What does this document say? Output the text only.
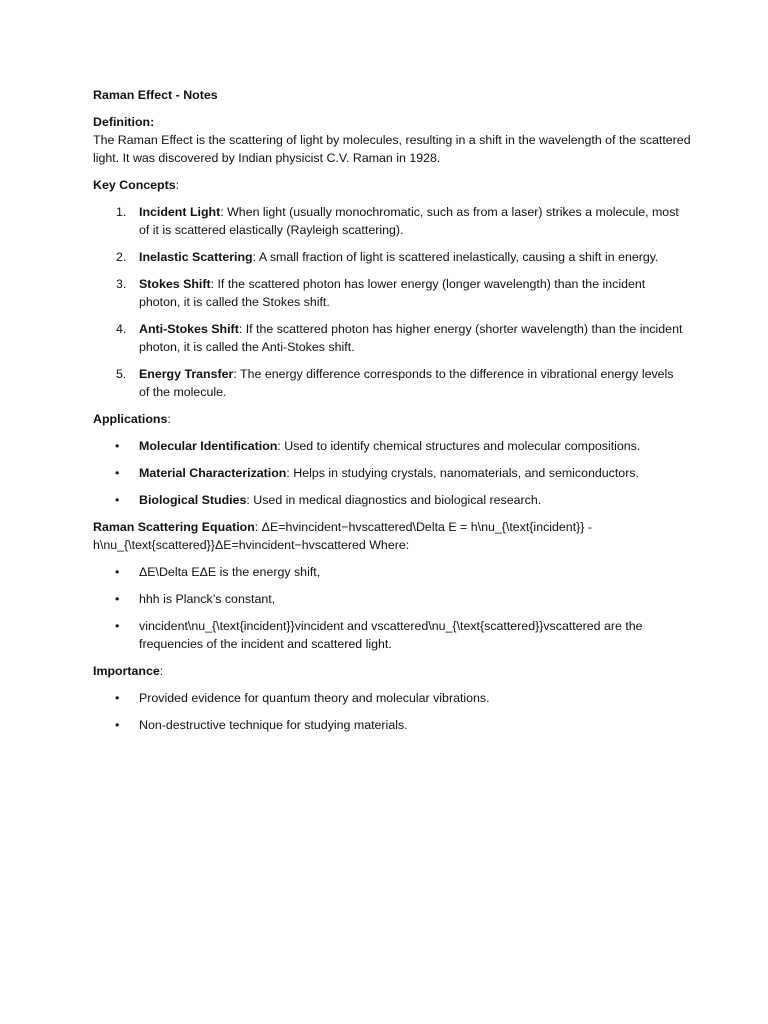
Raman Effect - Notes

Definition:
The Raman Effect is the scattering of light by molecules, resulting in a shift in the wavelength of the scattered light. It was discovered by Indian physicist C.V. Raman in 1928.

Key Concepts:

1. Incident Light: When light (usually monochromatic, such as from a laser) strikes a molecule, most of it is scattered elastically (Rayleigh scattering).
2. Inelastic Scattering: A small fraction of light is scattered inelastically, causing a shift in energy.
3. Stokes Shift: If the scattered photon has lower energy (longer wavelength) than the incident photon, it is called the Stokes shift.
4. Anti-Stokes Shift: If the scattered photon has higher energy (shorter wavelength) than the incident photon, it is called the Anti-Stokes shift.
5. Energy Transfer: The energy difference corresponds to the difference in vibrational energy levels of the molecule.

Applications:

• Molecular Identification: Used to identify chemical structures and molecular compositions.
• Material Characterization: Helps in studying crystals, nanomaterials, and semiconductors.
• Biological Studies: Used in medical diagnostics and biological research.

Raman Scattering Equation: ΔE=hvincident−hvscattered\Delta E = h\nu_{\text{incident}} - h\nu_{\text{scattered}}ΔE=hvincident−hvscattered Where:

• ΔE\Delta EΔE is the energy shift,
• hhh is Planck’s constant,
• vincident\nu_{\text{incident}}vincident and vscattered\nu_{\text{scattered}}vscattered are the frequencies of the incident and scattered light.

Importance:

• Provided evidence for quantum theory and molecular vibrations.
• Non-destructive technique for studying materials.
